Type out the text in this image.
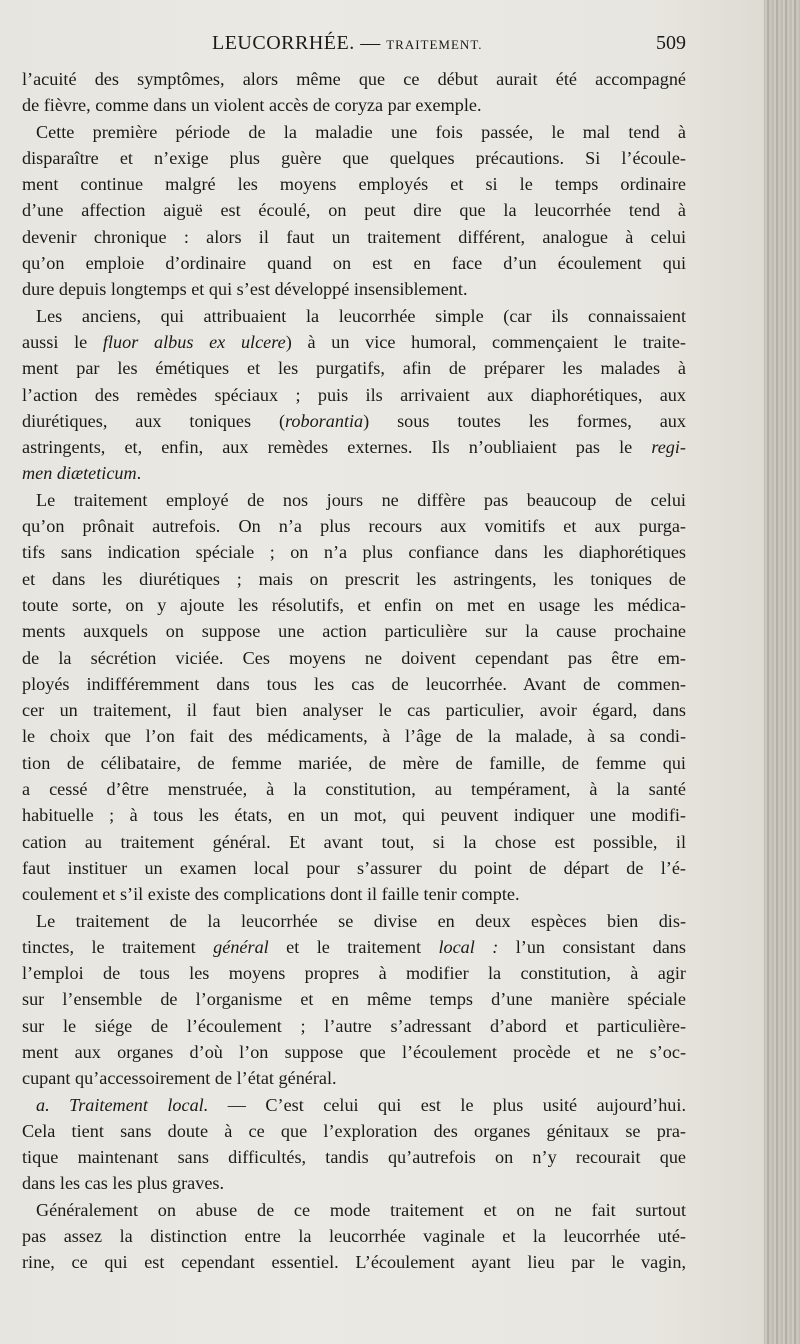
LEUCORRHÉE. — TRAITEMENT.	509
l’acuité des symptômes, alors même que ce début aurait été accompagné
de fièvre, comme dans un violent accès de coryza par exemple.
Cette première période de la maladie une fois passée, le mal tend à
disparaître et n’exige plus guère que quelques précautions. Si l’écoule-
ment continue malgré les moyens employés et si le temps ordinaire
d’une affection aiguë est écoulé, on peut dire que la leucorrhée tend à
devenir chronique : alors il faut un traitement différent, analogue à celui
qu’on emploie d’ordinaire quand on est en face d’un écoulement qui
dure depuis longtemps et qui s’est développé insensiblement.
Les anciens, qui attribuaient la leucorrhée simple (car ils connaissaient
aussi le fluor albus ex ulcere) à un vice humoral, commençaient le traite-
ment par les émétiques et les purgatifs, afin de préparer les malades à
l’action des remèdes spéciaux ; puis ils arrivaient aux diaphorétiques, aux
diurétiques, aux toniques (roborantia) sous toutes les formes, aux
astringents, et, enfin, aux remèdes externes. Ils n’oubliaient pas le regi-
men diæteticum.
Le traitement employé de nos jours ne diffère pas beaucoup de celui
qu’on prônait autrefois. On n’a plus recours aux vomitifs et aux purga-
tifs sans indication spéciale ; on n’a plus confiance dans les diaphorétiques
et dans les diurétiques ; mais on prescrit les astringents, les toniques de
toute sorte, on y ajoute les résolutifs, et enfin on met en usage les médica-
ments auxquels on suppose une action particulière sur la cause prochaine
de la sécrétion viciée. Ces moyens ne doivent cependant pas être em-
ployés indifféremment dans tous les cas de leucorrhée. Avant de commen-
cer un traitement, il faut bien analyser le cas particulier, avoir égard, dans
le choix que l’on fait des médicaments, à l’âge de la malade, à sa condi-
tion de célibataire, de femme mariée, de mère de famille, de femme qui
a cessé d’être menstruée, à la constitution, au tempérament, à la santé
habituelle ; à tous les états, en un mot, qui peuvent indiquer une modifi-
cation au traitement général. Et avant tout, si la chose est possible, il
faut instituer un examen local pour s’assurer du point de départ de l’é-
coulement et s’il existe des complications dont il faille tenir compte.
Le traitement de la leucorrhée se divise en deux espèces bien dis-
tinctes, le traitement général et le traitement local : l’un consistant dans
l’emploi de tous les moyens propres à modifier la constitution, à agir
sur l’ensemble de l’organisme et en même temps d’une manière spéciale
sur le siége de l’écoulement ; l’autre s’adressant d’abord et particulière-
ment aux organes d’où l’on suppose que l’écoulement procède et ne s’oc-
cupant qu’accessoirement de l’état général.
a. Traitement local. — C’est celui qui est le plus usité aujourd’hui.
Cela tient sans doute à ce que l’exploration des organes génitaux se pra-
tique maintenant sans difficultés, tandis qu’autrefois on n’y recourait que
dans les cas les plus graves.
Généralement on abuse de ce mode traitement et on ne fait surtout
pas assez la distinction entre la leucorrhée vaginale et la leucorrhée uté-
rine, ce qui est cependant essentiel. L’écoulement ayant lieu par le vagin,
